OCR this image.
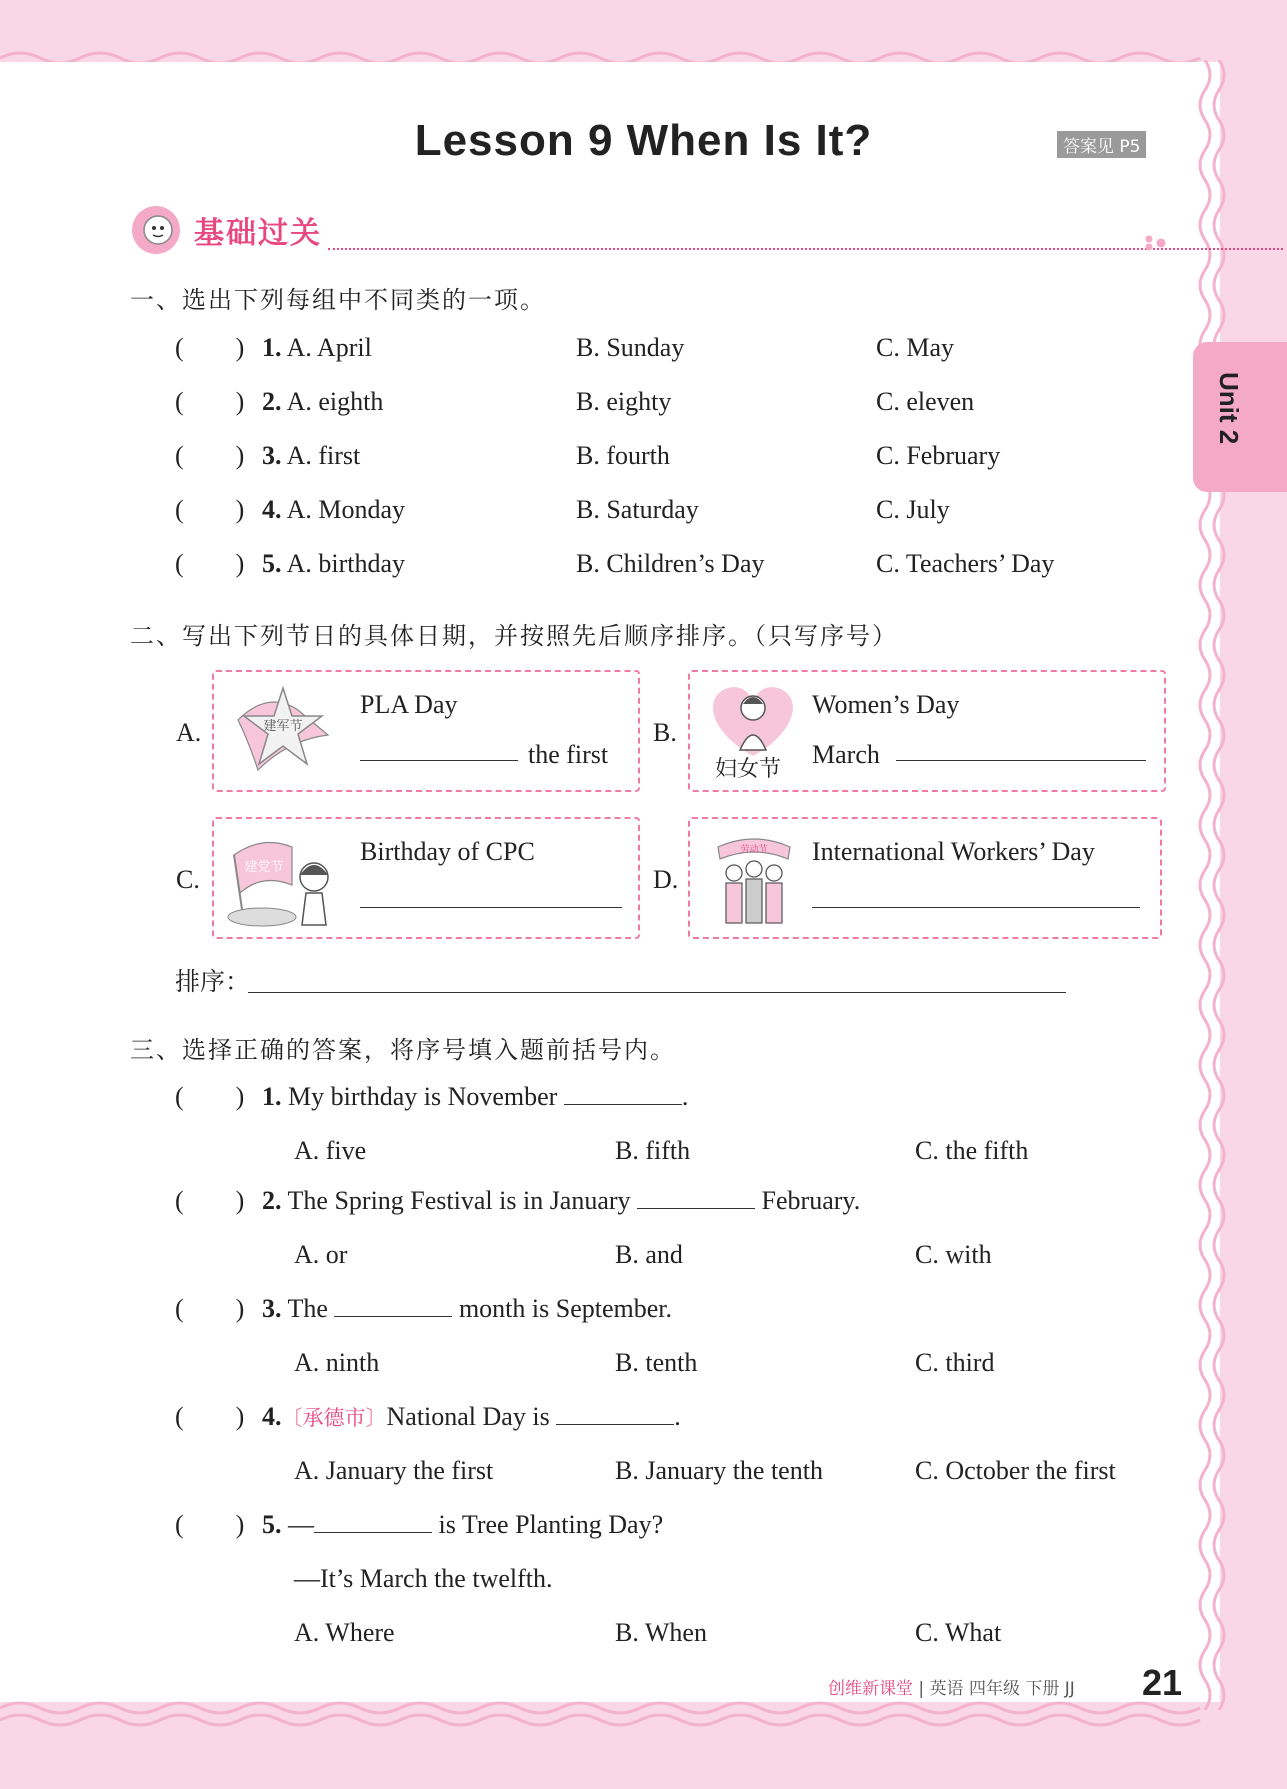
Lesson 9 When Is It?	答案见 P5
Unit 2
基础过关
一、选出下列每组中不同类的一项。
(  ) 1. A. April	B. Sunday	C. May
(  ) 2. A. eighth	B. eighty	C. eleven
(  ) 3. A. first	B. fourth	C. February
(  ) 4. A. Monday	B. Saturday	C. July
(  ) 5. A. birthday	B. Children’s Day	C. Teachers’ Day
二、写出下列节日的具体日期，并按照先后顺序排序。（只写序号）
A.	建军节
PLA Day
the first
B.
妇女节
Women’s Day
March
C.	建党节
Birthday of CPC
D.
劳动节 International Workers’ Day
排序：
三、选择正确的答案，将序号填入题前括号内。
(  ) 1. My birthday is November	.
A. five	B. fifth	C. the fifth
(  ) 2. The Spring Festival is in January	February.
A. or	B. and	C. with
(  ) 3. The	month is September.
A. ninth	B. tenth	C. third
(  ) 4.〔承德市〕National Day is	.
A. January the first	B. January the tenth	C. October the first
(  ) 5. —	is Tree Planting Day?
—It’s March the twelfth.
A. Where	B. When	C. What
创维新课堂 | 英语 四年级 下册 JJ 21
